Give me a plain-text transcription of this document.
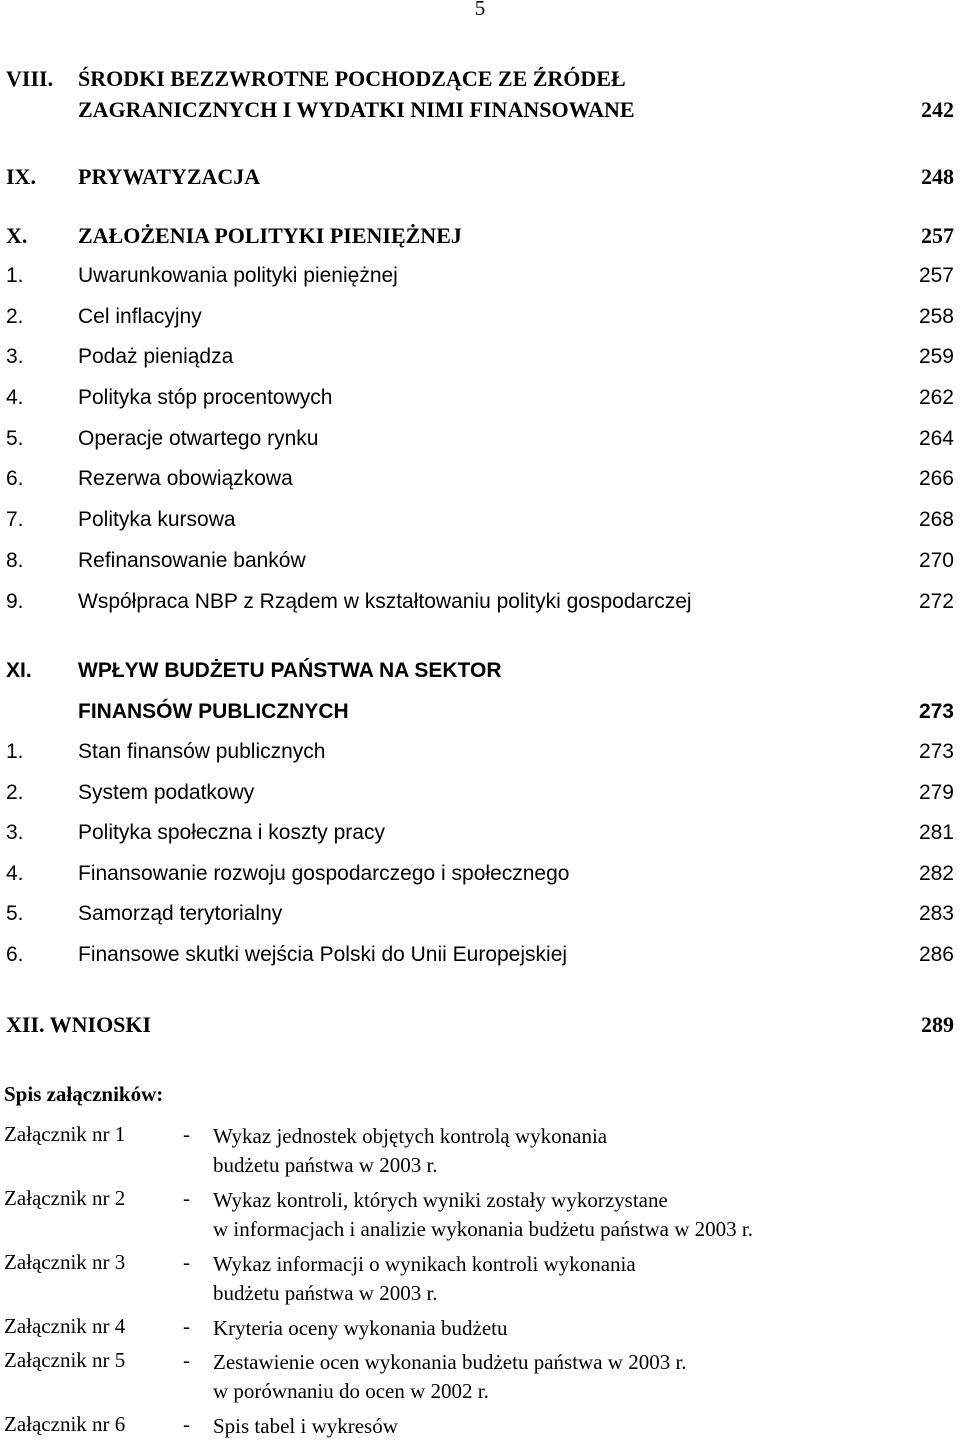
5
VIII. ŚRODKI BEZZWROTNE POCHODZĄCE ZE ŹRÓDEŁ
ZAGRANICZNYCH I WYDATKI NIMI FINANSOWANE	242
IX. PRYWATYZACJA	248
X. ZAŁOŻENIA POLITYKI PIENIĘŻNEJ	257
1.	Uwarunkowania polityki pieniężnej	257
2.	Cel inflacyjny	258
3.	Podaż pieniądza	259
4.	Polityka stóp procentowych	262
5.	Operacje otwartego rynku	264
6.	Rezerwa obowiązkowa	266
7.	Polityka kursowa	268
8.	Refinansowanie banków	270
9.	Współpraca NBP z Rządem w kształtowaniu polityki gospodarczej	272
XI. WPŁYW BUDŻETU PAŃSTWA NA SEKTOR
FINANSÓW PUBLICZNYCH	273
1.	Stan finansów publicznych	273
2.	System podatkowy	279
3.	Polityka społeczna i koszty pracy	281
4.	Finansowanie rozwoju gospodarczego i społecznego	282
5.	Samorząd terytorialny	283
6.	Finansowe skutki wejścia Polski do Unii Europejskiej	286
XII. WNIOSKI	289
Spis załączników:
Załącznik nr 1	- Wykaz jednostek objętych kontrolą wykonania
budżetu państwa w 2003 r.
Załącznik nr 2	- Wykaz kontroli, których wyniki zostały wykorzystane
w informacjach i analizie wykonania budżetu państwa w 2003 r.
Załącznik nr 3	- Wykaz informacji o wynikach kontroli wykonania
budżetu państwa w 2003 r.
Załącznik nr 4	- Kryteria oceny wykonania budżetu
Załącznik nr 5	- Zestawienie ocen wykonania budżetu państwa w 2003 r.
w porównaniu do ocen w 2002 r.
Załącznik nr 6	- Spis tabel i wykresów
